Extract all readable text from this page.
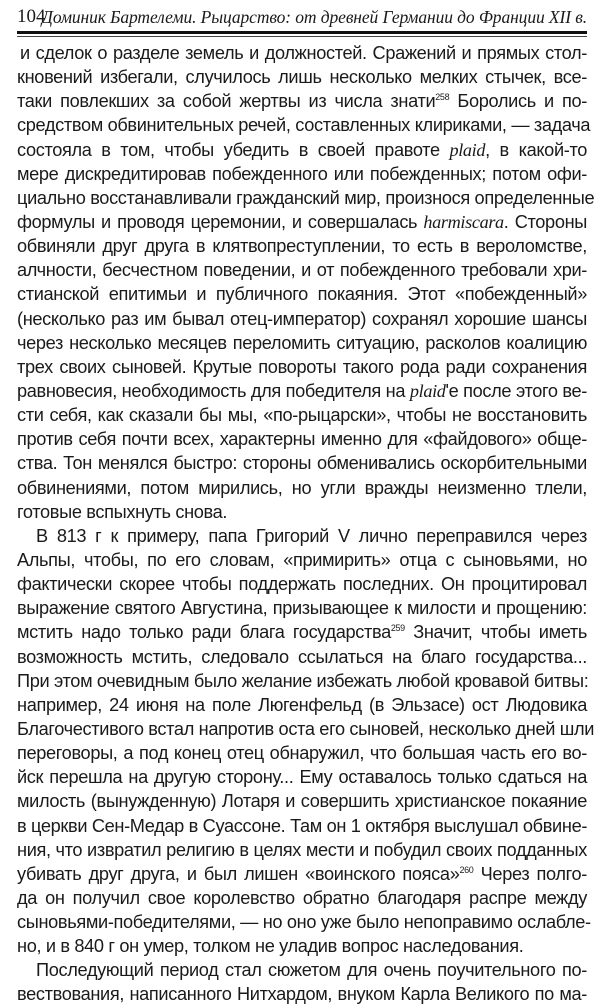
104
Доминик Бартелеми. Рыцарство: от древней Германии до Франции XII в.
и сделок о разделе земель и должностей. Сражений и прямых стол-
кновений избегали, случилось лишь несколько мелких стычек, все-
таки повлекших за собой жертвы из числа знати$^{258}$ Боролись и по-
средством обвинительных речей, составленных клириками, — задача
состояла в том, чтобы убедить в своей правоте plaid, в какой-то
мере дискредитировав побежденного или побежденных; потом офи-
циально восстанавливали гражданский мир, произнося определенные
формулы и проводя церемонии, и совершалась harmiscara. Стороны
обвиняли друг друга в клятвопреступлении, то есть в вероломстве,
алчности, бесчестном поведении, и от побежденного требовали хри-
стианской епитимьи и публичного покаяния. Этот «побежденный»
(несколько раз им бывал отец-император) сохранял хорошие шансы
через несколько месяцев переломить ситуацию, расколов коалицию
трех своих сыновей. Крутые повороты такого рода ради сохранения
равновесия, необходимость для победителя на plaid'е после этого ве-
сти себя, как сказали бы мы, «по-рыцарски», чтобы не восстановить
против себя почти всех, характерны именно для «файдового» обще-
ства. Тон менялся быстро: стороны обменивались оскорбительными
обвинениями, потом мирились, но угли вражды неизменно тлели,
готовые вспыхнуть снова.
В 813 г к примеру, папа Григорий V лично переправился через
Альпы, чтобы, по его словам, «примирить» отца с сыновьями, но
фактически скорее чтобы поддержать последних. Он процитировал
выражение святого Августина, призывающее к милости и прощению:
мстить надо только ради блага государства$^{259}$ Значит, чтобы иметь
возможность мстить, следовало ссылаться на благо государства...
При этом очевидным было желание избежать любой кровавой битвы:
например, 24 июня на поле Люгенфельд (в Эльзасе) ост Людовика
Благочестивого встал напротив оста его сыновей, несколько дней шли
переговоры, а под конец отец обнаружил, что большая часть его во-
йск перешла на другую сторону... Ему оставалось только сдаться на
милость (вынужденную) Лотаря и совершить христианское покаяние
в церкви Сен-Медар в Суассоне. Там он 1 октября выслушал обвине-
ния, что извратил религию в целях мести и побудил своих подданных
убивать друг друга, и был лишен «воинского пояса»$^{260}$ Через полго-
да он получил свое королевство обратно благодаря распре между
сыновьями-победителями, — но оно уже было непоправимо ослабле-
но, и в 840 г он умер, толком не уладив вопрос наследования.
Последующий период стал сюжетом для очень поучительного по-
вествования, написанного Нитхардом, внуком Карла Великого по ма-
